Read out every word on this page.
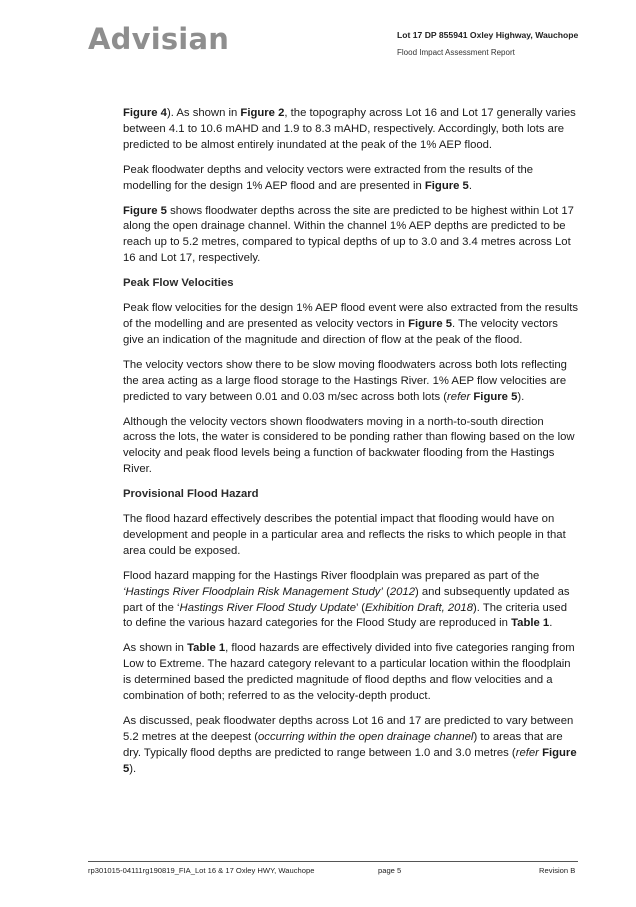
Advisian	Lot 17 DP 855941 Oxley Highway, Wauchope
Flood Impact Assessment Report

Figure 4). As shown in Figure 2, the topography across Lot 16 and Lot 17 generally varies between 4.1 to 10.6 mAHD and 1.9 to 8.3 mAHD, respectively. Accordingly, both lots are predicted to be almost entirely inundated at the peak of the 1% AEP flood.

Peak floodwater depths and velocity vectors were extracted from the results of the modelling for the design 1% AEP flood and are presented in Figure 5.

Figure 5 shows floodwater depths across the site are predicted to be highest within Lot 17 along the open drainage channel. Within the channel 1% AEP depths are predicted to be reach up to 5.2 metres, compared to typical depths of up to 3.0 and 3.4 metres across Lot 16 and Lot 17, respectively.

Peak Flow Velocities

Peak flow velocities for the design 1% AEP flood event were also extracted from the results of the modelling and are presented as velocity vectors in Figure 5. The velocity vectors give an indication of the magnitude and direction of flow at the peak of the flood.

The velocity vectors show there to be slow moving floodwaters across both lots reflecting the area acting as a large flood storage to the Hastings River. 1% AEP flow velocities are predicted to vary between 0.01 and 0.03 m/sec across both lots (refer Figure 5).

Although the velocity vectors shown floodwaters moving in a north-to-south direction across the lots, the water is considered to be ponding rather than flowing based on the low velocity and peak flood levels being a function of backwater flooding from the Hastings River.

Provisional Flood Hazard

The flood hazard effectively describes the potential impact that flooding would have on development and people in a particular area and reflects the risks to which people in that area could be exposed.

Flood hazard mapping for the Hastings River floodplain was prepared as part of the ‘Hastings River Floodplain Risk Management Study’ (2012) and subsequently updated as part of the ‘Hastings River Flood Study Update’ (Exhibition Draft, 2018). The criteria used to define the various hazard categories for the Flood Study are reproduced in Table 1.

As shown in Table 1, flood hazards are effectively divided into five categories ranging from Low to Extreme. The hazard category relevant to a particular location within the floodplain is determined based the predicted magnitude of flood depths and flow velocities and a combination of both; referred to as the velocity-depth product.

As discussed, peak floodwater depths across Lot 16 and 17 are predicted to vary between 5.2 metres at the deepest (occurring within the open drainage channel) to areas that are dry. Typically flood depths are predicted to range between 1.0 and 3.0 metres (refer Figure 5).

rp301015-04111rg190819_FIA_Lot 16 & 17 Oxley HWY, Wauchope	page 5	Revision B
